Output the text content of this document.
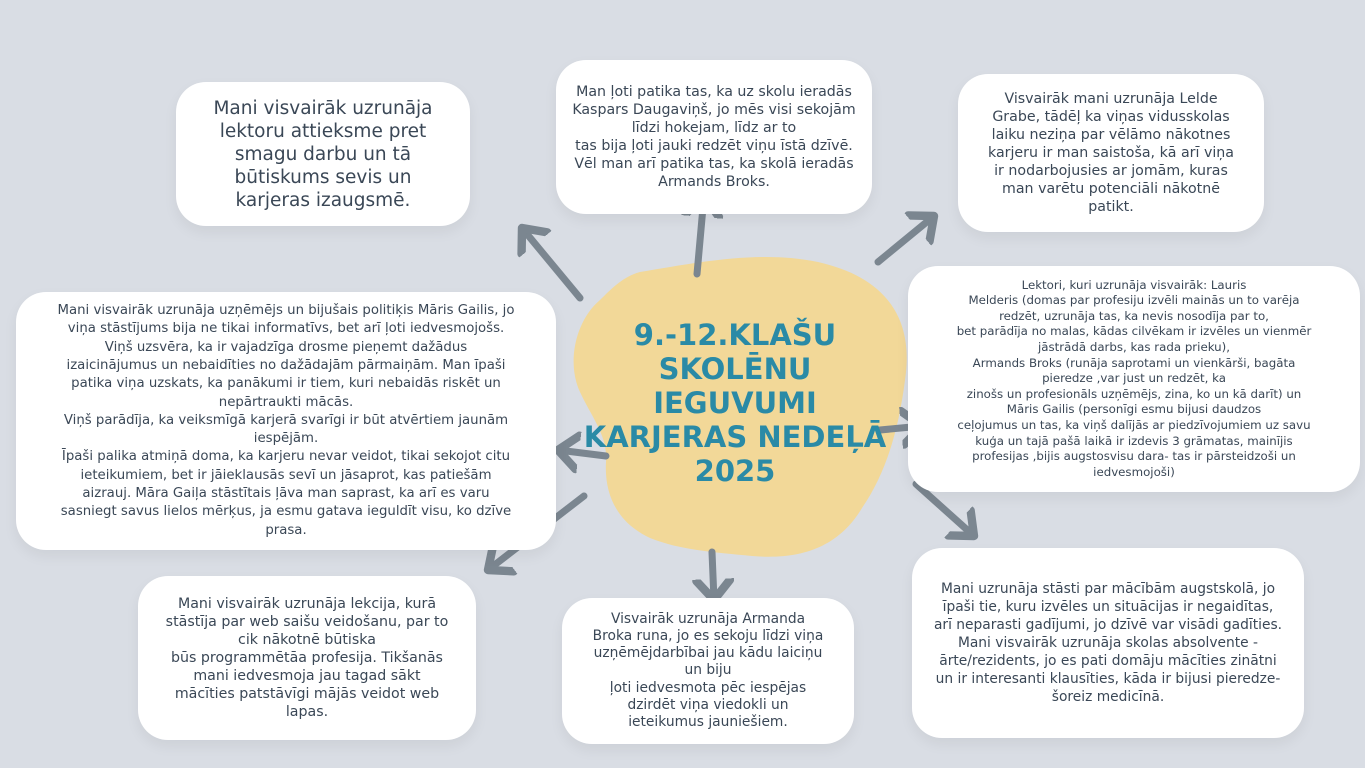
9.-12.KLAŠU
SKOLĒNU IEGUVUMI
KARJERAS NEDEĻĀ
2025
Mani visvairāk uzrunāja
lektoru attieksme pret
smagu darbu un tā
būtiskums sevis un
karjeras izaugsmē.
Man ļoti patika tas, ka uz skolu ieradās
Kaspars Daugaviņš, jo mēs visi sekojām
līdzi hokejam, līdz ar to
tas bija ļoti jauki redzēt viņu īstā dzīvē.
Vēl man arī patika tas, ka skolā ieradās
Armands Broks.
Visvairāk mani uzrunāja Lelde
Grabe, tādēļ ka viņas vidusskolas
laiku neziņa par vēlāmo nākotnes
karjeru ir man saistoša, kā arī viņa
ir nodarbojusies ar jomām, kuras
man varētu potenciāli nākotnē
patikt.
Mani visvairāk uzrunāja uzņēmējs un bijušais politiķis Māris Gailis, jo
viņa stāstījums bija ne tikai informatīvs, bet arī ļoti iedvesmojošs.
Viņš uzsvēra, ka ir vajadzīga drosme pieņemt dažādus
izaicinājumus un nebaidīties no dažādajām pārmaiņām. Man īpaši
patika viņa uzskats, ka panākumi ir tiem, kuri nebaidās riskēt un
nepārtraukti mācās.
Viņš parādīja, ka veiksmīgā karjerā svarīgi ir būt atvērtiem jaunām
iespējām.
Īpaši palika atmiņā doma, ka karjeru nevar veidot, tikai sekojot citu
ieteikumiem, bet ir jāieklausās sevī un jāsaprot, kas patiešām
aizrauj. Māra Gaiļa stāstītais ļāva man saprast, ka arī es varu
sasniegt savus lielos mērķus, ja esmu gatava ieguldīt visu, ko dzīve
prasa.
Lektori, kuri uzrunāja visvairāk: Lauris
Melderis (domas par profesiju izvēli mainās un to varēja
redzēt, uzrunāja tas, ka nevis nosodīja par to,
bet parādīja no malas, kādas cilvēkam ir izvēles un vienmēr
jāstrādā darbs, kas rada prieku),
Armands Broks (runāja saprotami un vienkārši, bagāta
pieredze ,var just un redzēt, ka
zinošs un profesionāls uzņēmējs, zina, ko un kā darīt) un
Māris Gailis (personīgi esmu bijusi daudzos
ceļojumus un tas, ka viņš dalījās ar piedzīvojumiem uz savu
kuģa un tajā pašā laikā ir izdevis 3 grāmatas, mainījis
profesijas ,bijis augstosvisu dara- tas ir pārsteidzoši un
iedvesmojoši)
Mani visvairāk uzrunāja lekcija, kurā
stāstīja par web saišu veidošanu, par to
cik nākotnē būtiska
būs programmētāa profesija. Tikšanās
mani iedvesmoja jau tagad sākt
mācīties patstāvīgi mājās veidot web
lapas.
Visvairāk uzrunāja Armanda
Broka runa, jo es sekoju līdzi viņa
uzņēmējdarbībai jau kādu laiciņu
un biju
ļoti iedvesmota pēc iespējas
dzirdēt viņa viedokli un
ieteikumus jauniešiem.
Mani uzrunāja stāsti par mācībām augstskolā, jo
īpaši tie, kuru izvēles un situācijas ir negaidītas,
arī neparasti gadījumi, jo dzīvē var visādi gadīties.
Mani visvairāk uzrunāja skolas absolvente -
ārte/rezidents, jo es pati domāju mācīties zinātni
un ir interesanti klausīties, kāda ir bijusi pieredze-
šoreiz medicīnā.
